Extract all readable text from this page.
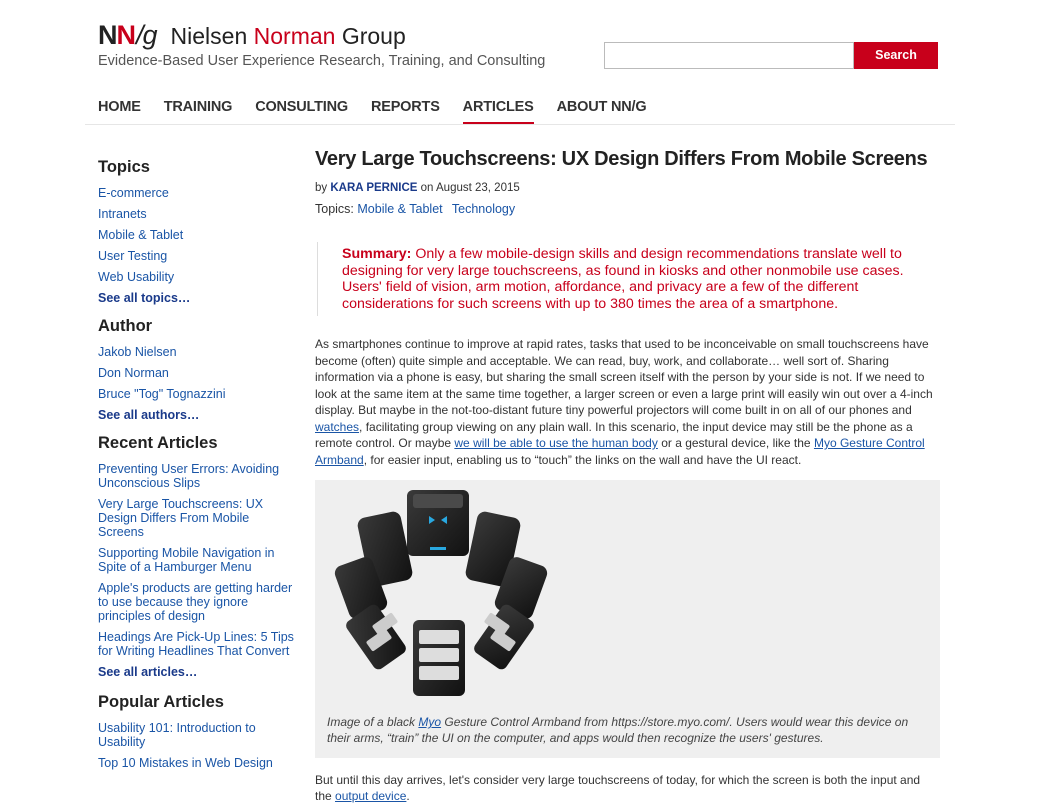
NN/g Nielsen Norman Group
Evidence-Based User Experience Research, Training, and Consulting	Search
HOME TRAINING CONSULTING REPORTS ARTICLES ABOUT NN/G
Topics
E-commerce
Intranets
Mobile & Tablet
User Testing
Web Usability
See all topics…
Author
Jakob Nielsen
Don Norman
Bruce "Tog" Tognazzini
See all authors…
Recent Articles
Preventing User Errors: Avoiding Unconscious Slips
Very Large Touchscreens: UX Design Differs From Mobile Screens
Supporting Mobile Navigation in Spite of a Hamburger Menu
Apple's products are getting harder to use because they ignore principles of design
Headings Are Pick-Up Lines: 5 Tips for Writing Headlines That Convert
See all articles…
Popular Articles
Usability 101: Introduction to Usability
Top 10 Mistakes in Web Design
Very Large Touchscreens: UX Design Differs From Mobile Screens
by KARA PERNICE on August 23, 2015
Topics: Mobile & Tablet Technology
Summary: Only a few mobile-design skills and design recommendations translate well to designing for very large touchscreens, as found in kiosks and other nonmobile use cases. Users' field of vision, arm motion, affordance, and privacy are a few of the different considerations for such screens with up to 380 times the area of a smartphone.

As smartphones continue to improve at rapid rates, tasks that used to be inconceivable on small touchscreens have become (often) quite simple and acceptable. We can read, buy, work, and collaborate… well sort of. Sharing information via a phone is easy, but sharing the small screen itself with the person by your side is not. If we need to look at the same item at the same time together, a larger screen or even a large print will easily win out over a 4-inch display. But maybe in the not-too-distant future tiny powerful projectors will come built in on all of our phones and watches, facilitating group viewing on any plain wall. In this scenario, the input device may still be the phone as a remote control. Or maybe we will be able to use the human body or a gestural device, like the Myo Gesture Control Armband, for easier input, enabling us to “touch” the links on the wall and have the UI react.

Image of a black Myo Gesture Control Armband from https://store.myo.com/. Users would wear this device on their arms, “train” the UI on the computer, and apps would then recognize the users' gestures.

But until this day arrives, let's consider very large touchscreens of today, for which the screen is both the input and the output device.
